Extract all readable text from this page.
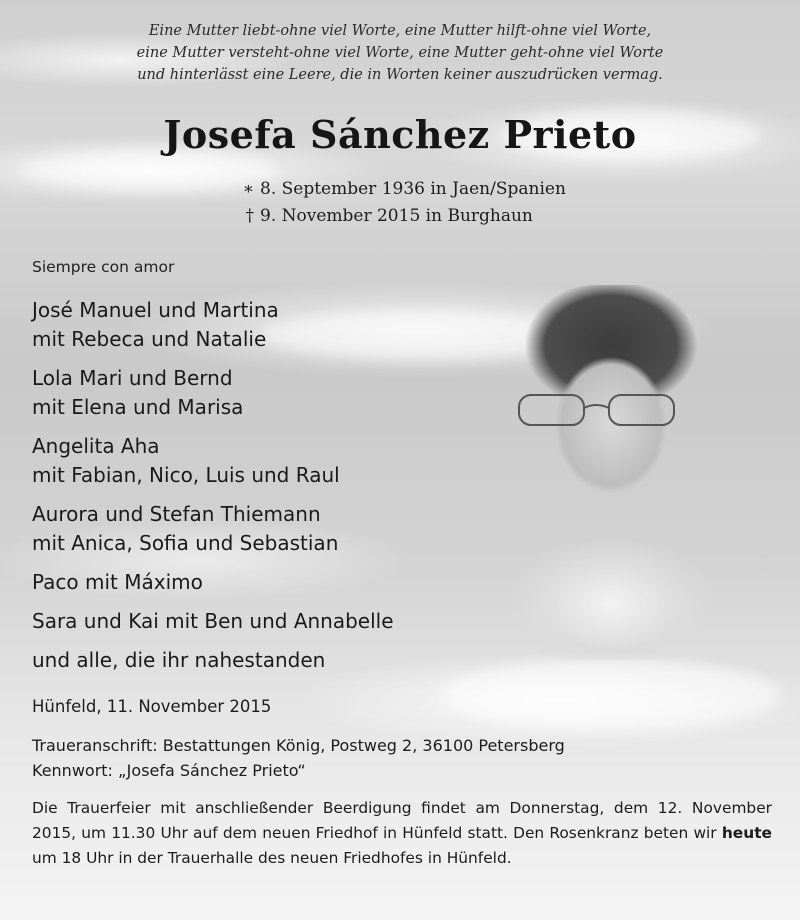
Eine Mutter liebt-ohne viel Worte, eine Mutter hilft-ohne viel Worte,
eine Mutter versteht-ohne viel Worte, eine Mutter geht-ohne viel Worte
und hinterlässt eine Leere, die in Worten keiner auszudrücken vermag.
Josefa Sánchez Prieto
∗ 8. September 1936 in Jaen/Spanien
† 9. November 2015 in Burghaun
Siempre con amor
José Manuel und Martina
mit Rebeca und Natalie
Lola Mari und Bernd
mit Elena und Marisa
Angelita Aha
mit Fabian, Nico, Luis und Raul
Aurora und Stefan Thiemann
mit Anica, Sofia und Sebastian
Paco mit Máximo
Sara und Kai mit Ben und Annabelle
und alle, die ihr nahestanden
Hünfeld, 11. November 2015
Traueranschrift: Bestattungen König, Postweg 2, 36100 Petersberg
Kennwort: „Josefa Sánchez Prieto“
Die Trauerfeier mit anschließender Beerdigung findet am Donnerstag, dem 12. November 2015, um 11.30 Uhr auf dem neuen Friedhof in Hünfeld statt. Den Rosenkranz beten wir heute um 18 Uhr in der Trauerhalle des neuen Friedhofes in Hünfeld.
